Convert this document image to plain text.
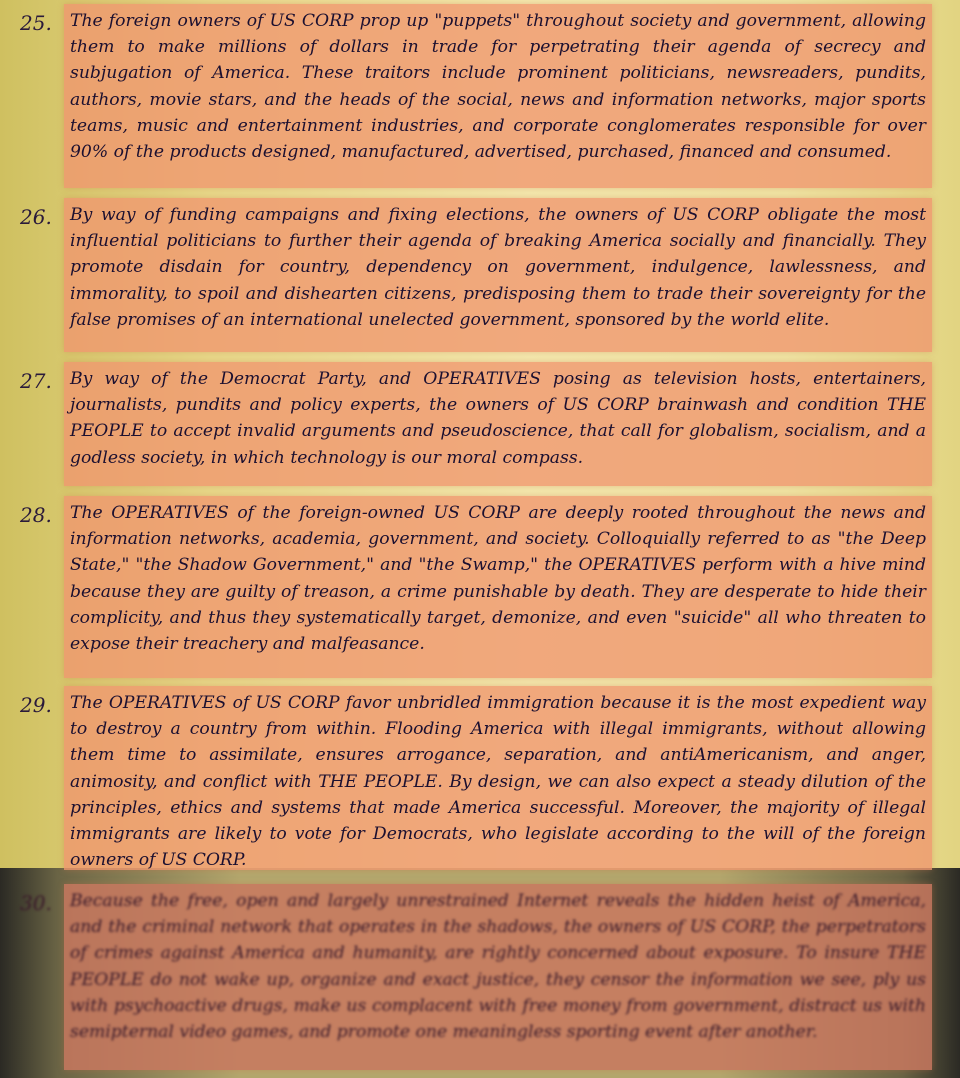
25.	The foreign owners of US CORP prop up "puppets" throughout society and government, allowing them to make millions of dollars in trade for perpetrating their agenda of secrecy and subjugation of America. These traitors include prominent politicians, newsreaders, pundits, authors, movie stars, and the heads of the social, news and information networks, major sports teams, music and entertainment industries, and corporate conglomerates responsible for over 90% of the products designed, manufactured, advertised, purchased, financed and consumed.

26.	By way of funding campaigns and fixing elections, the owners of US CORP obligate the most influential politicians to further their agenda of breaking America socially and financially. They promote disdain for country, dependency on government, indulgence, lawlessness, and immorality, to spoil and dishearten citizens, predisposing them to trade their sovereignty for the false promises of an international unelected government, sponsored by the world elite.

27.	By way of the Democrat Party, and OPERATIVES posing as television hosts, entertainers, journalists, pundits and policy experts, the owners of US CORP brainwash and condition THE PEOPLE to accept invalid arguments and pseudoscience, that call for globalism, socialism, and a godless society, in which technology is our moral compass.

28.	The OPERATIVES of the foreign-owned US CORP are deeply rooted throughout the news and information networks, academia, government, and society. Colloquially referred to as "the Deep State," "the Shadow Government," and "the Swamp," the OPERATIVES perform with a hive mind because they are guilty of treason, a crime punishable by death. They are desperate to hide their complicity, and thus they systematically target, demonize, and even "suicide" all who threaten to expose their treachery and malfeasance.

29.	The OPERATIVES of US CORP favor unbridled immigration because it is the most expedient way to destroy a country from within. Flooding America with illegal immigrants, without allowing them time to assimilate, ensures arrogance, separation, and antiAmericanism, and anger, animosity, and conflict with THE PEOPLE. By design, we can also expect a steady dilution of the principles, ethics and systems that made America successful. Moreover, the majority of illegal immigrants are likely to vote for Democrats, who legislate according to the will of the foreign owners of US CORP.

30.	Because the free, open and largely unrestrained Internet reveals the hidden heist of America, and the criminal network that operates in the shadows, the owners of US CORP, the perpetrators of crimes against America and humanity, are rightly concerned about exposure. To insure THE PEOPLE do not wake up, organize and exact justice, they censor the information we see, ply us with psychoactive drugs, make us complacent with free money from government, distract us with semipternal video games, and promote one meaningless sporting event after another.
